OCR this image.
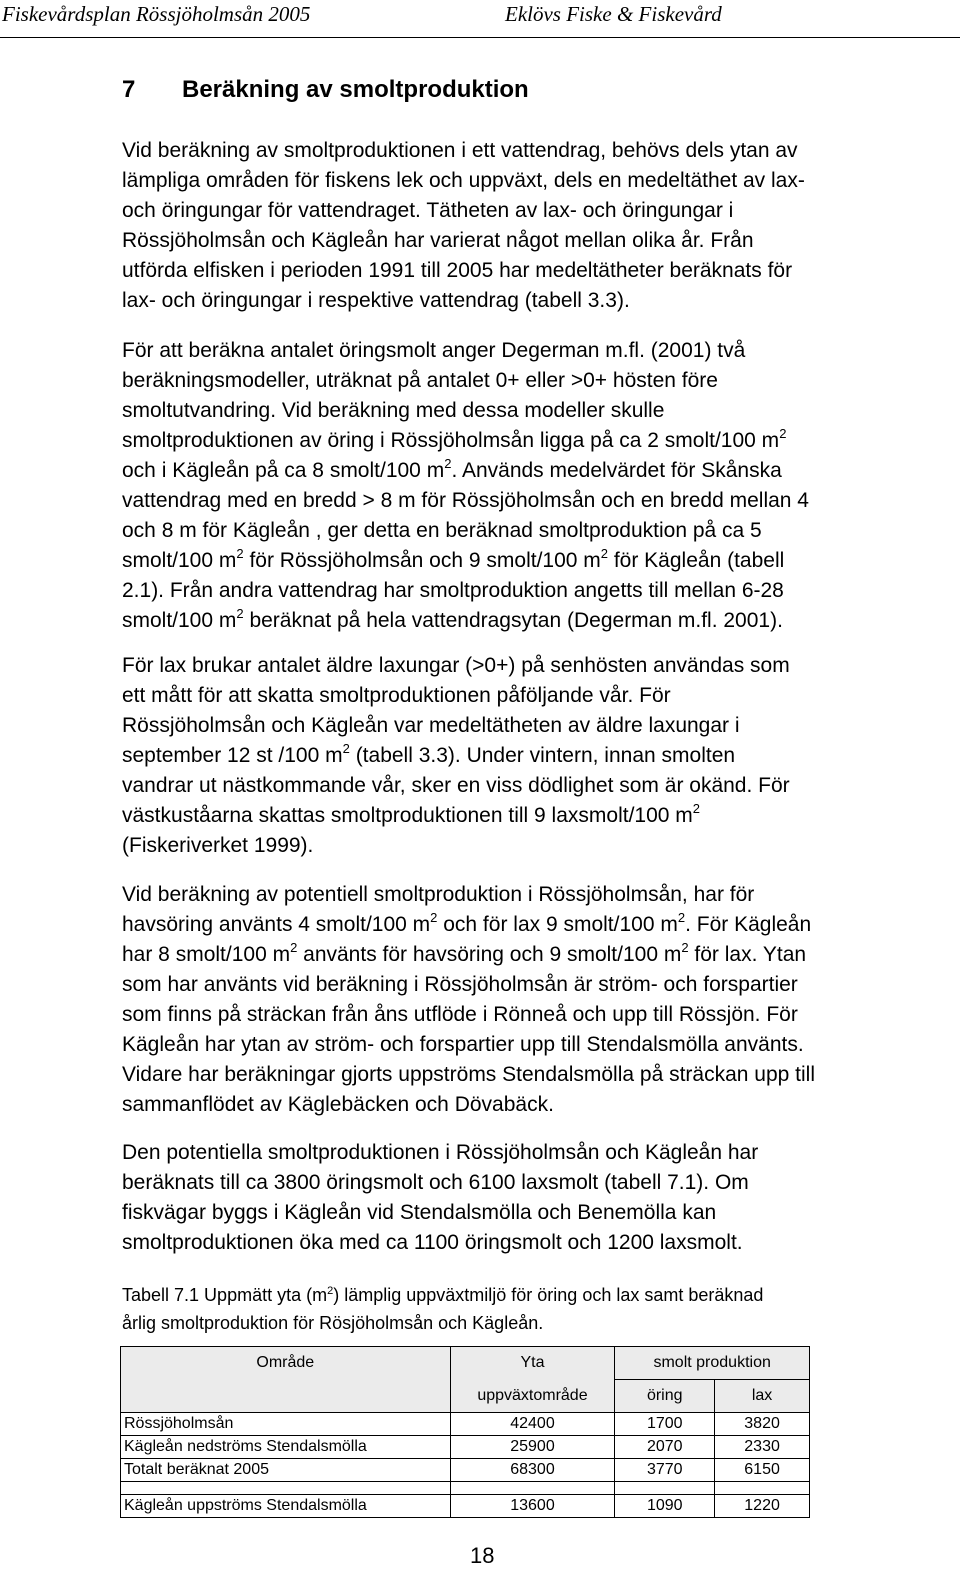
Fiskevårdsplan Rössjöholmsån 2005	Eklövs Fiske & Fiskevård
7 Beräkning av smoltproduktion

Vid beräkning av smoltproduktionen i ett vattendrag, behövs dels ytan av
lämpliga områden för fiskens lek och uppväxt, dels en medeltäthet av lax-
och öringungar för vattendraget. Tätheten av lax- och öringungar i
Rössjöholmsån och Kägleån har varierat något mellan olika år. Från
utförda elfisken i perioden 1991 till 2005 har medeltätheter beräknats för
lax- och öringungar i respektive vattendrag (tabell 3.3).

För att beräkna antalet öringsmolt anger Degerman m.fl. (2001) två
beräkningsmodeller, uträknat på antalet 0+ eller >0+ hösten före
smoltutvandring. Vid beräkning med dessa modeller skulle
smoltproduktionen av öring i Rössjöholmsån ligga på ca 2 smolt/100 $m^2$
och i Kägleån på ca 8 smolt/100 $m^2$. Används medelvärdet för Skånska
vattendrag med en bredd > 8 m för Rössjöholmsån och en bredd mellan 4
och 8 m för Kägleån , ger detta en beräknad smoltproduktion på ca 5
smolt/100 $m^2$ för Rössjöholmsån och 9 smolt/100 $m^2$ för Kägleån (tabell
2.1). Från andra vattendrag har smoltproduktion angetts till mellan 6-28
smolt/100 $m^2$ beräknat på hela vattendragsytan (Degerman m.fl. 2001).

För lax brukar antalet äldre laxungar (>0+) på senhösten användas som
ett mått för att skatta smoltproduktionen påföljande vår. För
Rössjöholmsån och Kägleån var medeltätheten av äldre laxungar i
september 12 st /100 $m^2$ (tabell 3.3). Under vintern, innan smolten
vandrar ut nästkommande vår, sker en viss dödlighet som är okänd. För
västkuståarna skattas smoltproduktionen till 9 laxsmolt/100 $m^2$
(Fiskeriverket 1999).

Vid beräkning av potentiell smoltproduktion i Rössjöholmsån, har för
havsöring använts 4 smolt/100 $m^2$ och för lax 9 smolt/100 $m^2$. För Kägleån
har 8 smolt/100 $m^2$ använts för havsöring och 9 smolt/100 $m^2$ för lax. Ytan
som har använts vid beräkning i Rössjöholmsån är ström- och forspartier
som finns på sträckan från åns utflöde i Rönneå och upp till Rössjön. För
Kägleån har ytan av ström- och forspartier upp till Stendalsmölla använts.
Vidare har beräkningar gjorts uppströms Stendalsmölla på sträckan upp till
sammanflödet av Käglebäcken och Dövabäck.

Den potentiella smoltproduktionen i Rössjöholmsån och Kägleån har
beräknats till ca 3800 öringsmolt och 6100 laxsmolt (tabell 7.1). Om
fiskvägar byggs i Kägleån vid Stendalsmölla och Benemölla kan
smoltproduktionen öka med ca 1100 öringsmolt och 1200 laxsmolt.

Tabell 7.1 Uppmätt yta $(m^2)$ lämplig uppväxtmiljö för öring och lax samt beräknad
årlig smoltproduktion för Rösjöholmsån och Kägleån.

Område	Yta	smolt produktion	
	uppväxtområde	öring	lax
Rössjöholmsån	42400	1700	3820
Kägleån nedströms Stendalsmölla	25900	2070	2330
Totalt beräknat 2005	68300	3770	6150

Kägleån uppströms Stendalsmölla	13600	1090	1220
18
